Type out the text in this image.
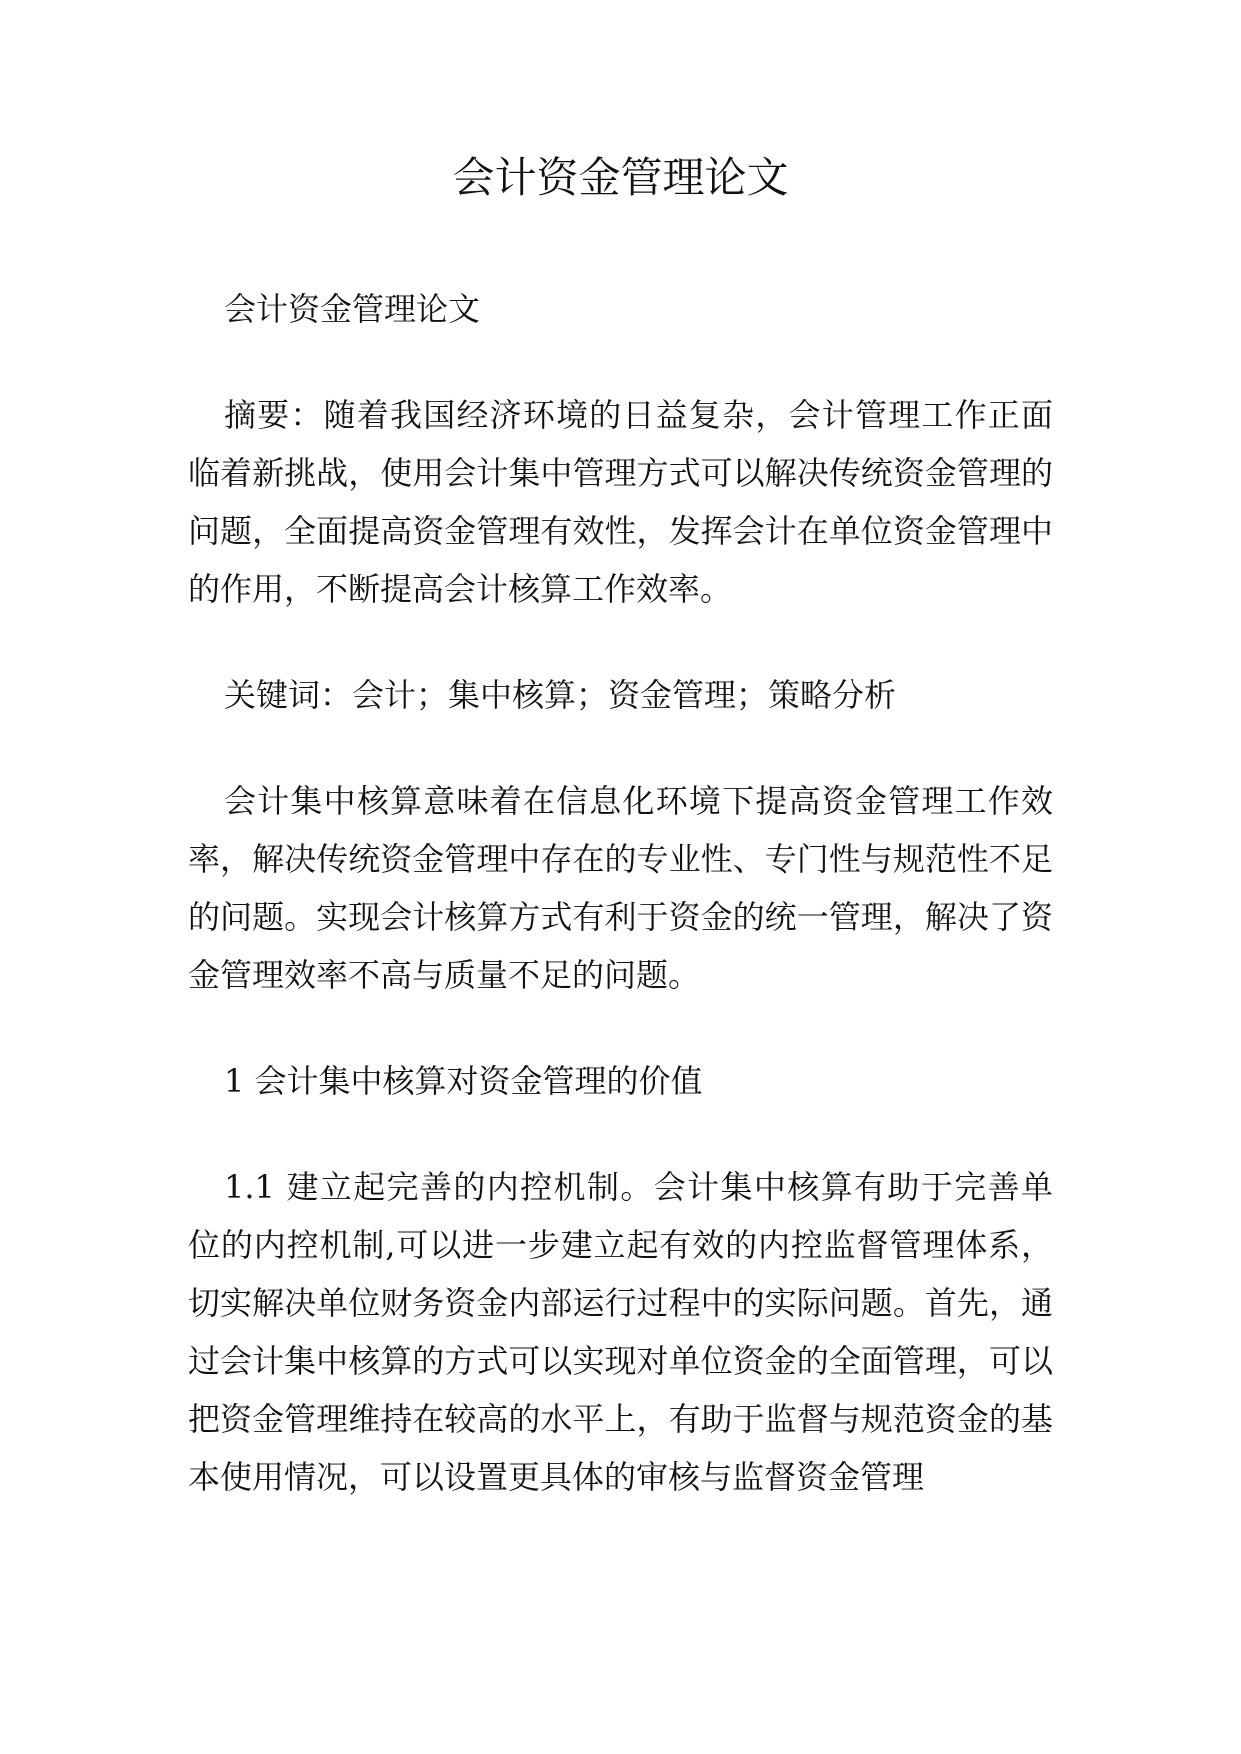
会计资金管理论文

会计资金管理论文

摘要：随着我国经济环境的日益复杂，会计管理工作正面临着新挑战，使用会计集中管理方式可以解决传统资金管理的问题，全面提高资金管理有效性，发挥会计在单位资金管理中的作用，不断提高会计核算工作效率。

关键词：会计；集中核算；资金管理；策略分析

会计集中核算意味着在信息化环境下提高资金管理工作效率，解决传统资金管理中存在的专业性、专门性与规范性不足的问题。实现会计核算方式有利于资金的统一管理，解决了资金管理效率不高与质量不足的问题。

1 会计集中核算对资金管理的价值

1.1 建立起完善的内控机制。会计集中核算有助于完善单位的内控机制,可以进一步建立起有效的内控监督管理体系，切实解决单位财务资金内部运行过程中的实际问题。首先，通过会计集中核算的方式可以实现对单位资金的全面管理，可以把资金管理维持在较高的水平上，有助于监督与规范资金的基本使用情况，可以设置更具体的审核与监督资金管理
